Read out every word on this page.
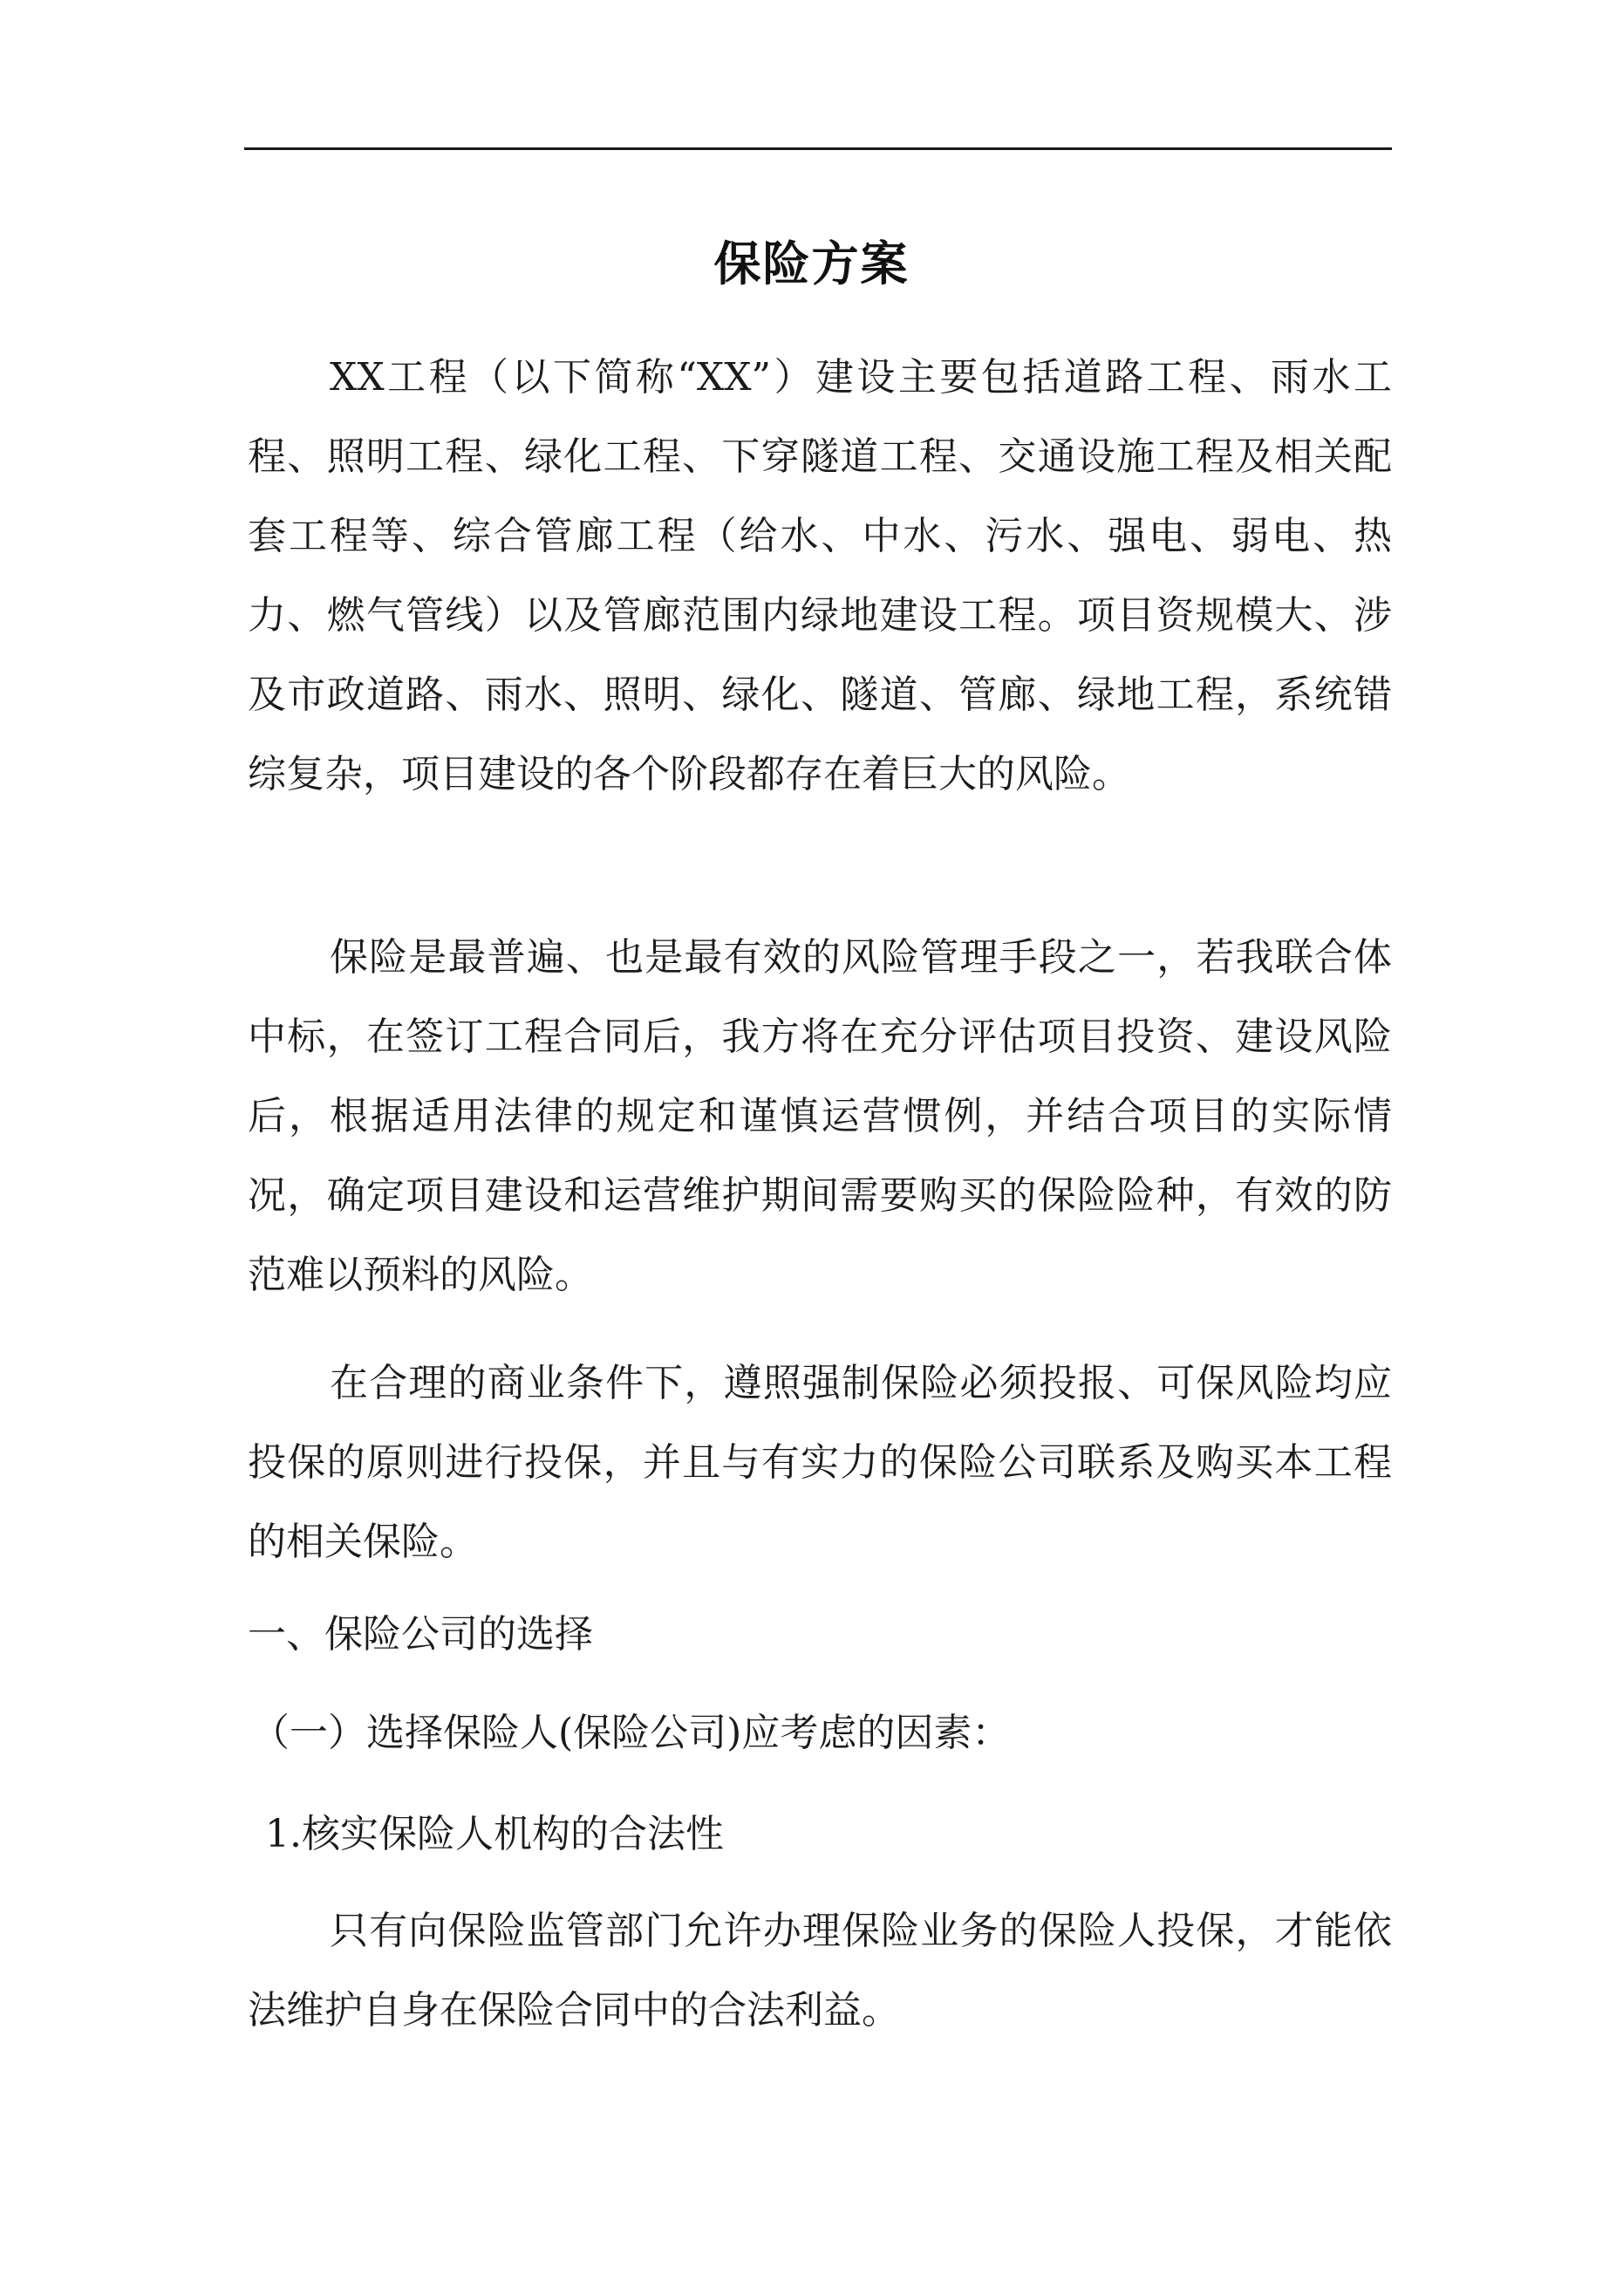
保险方案

XX工程（以下简称“XX”）建设主要包括道路工程、雨水工程、照明工程、绿化工程、下穿隧道工程、交通设施工程及相关配套工程等、综合管廊工程（给水、中水、污水、强电、弱电、热力、燃气管线）以及管廊范围内绿地建设工程。项目资规模大、涉及市政道路、雨水、照明、绿化、隧道、管廊、绿地工程，系统错综复杂，项目建设的各个阶段都存在着巨大的风险。

保险是最普遍、也是最有效的风险管理手段之一，若我联合体中标，在签订工程合同后，我方将在充分评估项目投资、建设风险后，根据适用法律的规定和谨慎运营惯例，并结合项目的实际情况，确定项目建设和运营维护期间需要购买的保险险种，有效的防范难以预料的风险。

在合理的商业条件下，遵照强制保险必须投报、可保风险均应投保的原则进行投保，并且与有实力的保险公司联系及购买本工程的相关保险。

一、保险公司的选择

（一）选择保险人(保险公司)应考虑的因素：

1.核实保险人机构的合法性

只有向保险监管部门允许办理保险业务的保险人投保，才能依法维护自身在保险合同中的合法利益。
